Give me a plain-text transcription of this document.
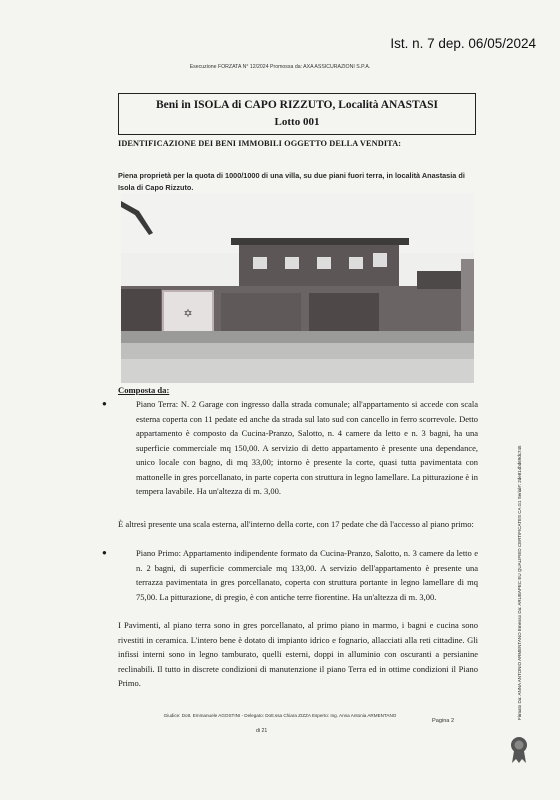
Ist. n. 7 dep. 06/05/2024
Esecuzione FORZATA N° 12/2024 Promossa da: AXA ASSICURAZIONI S.P.A.
Beni in ISOLA di CAPO RIZZUTO, Località ANASTASI
Lotto 001
IDENTIFICAZIONE DEI BENI IMMOBILI OGGETTO DELLA VENDITA:
Piena proprietà per la quota di 1000/1000 di una villa, su due piani fuori terra, in località Anastasia di Isola di Capo Rizzuto.
✡
Composta da:
●	Piano Terra: N. 2 Garage con ingresso dalla strada comunale; all'appartamento si accede con scala esterna coperta con 11 pedate ed anche da strada sul lato sud con cancello in ferro scorrevole. Detto appartamento è composto da Cucina-Pranzo, Salotto, n. 4 camere da letto e n. 3 bagni, ha una superficie commerciale mq 150,00. A servizio di detto appartamento è presente una dependance, unico locale con bagno, di mq 33,00; intorno è presente la corte, quasi tutta pavimentata con mattonelle in gres porcellanato, in parte coperta con struttura in legno lamellare. La pitturazione è in tempera lavabile. Ha un'altezza di m. 3,00.
È altresì presente una scala esterna, all'interno della corte, con 17 pedate che dà l'accesso al piano primo:
●	Piano Primo: Appartamento indipendente formato da Cucina-Pranzo, Salotto, n. 3 camere da letto e n. 2 bagni, di superficie commerciale mq 133,00. A servizio dell'appartamento è presente una terrazza pavimentata in gres porcellanato, coperta con struttura portante in legno lamellare di mq 75,00. La pitturazione, di pregio, è con antiche terre fiorentine. Ha un'altezza di m. 3,00.
I Pavimenti, al piano terra sono in gres porcellanato, al primo piano in marmo, i bagni e cucina sono rivestiti in ceramica. L'intero bene è dotato di impianto idrico e fognario, allacciati alla reti cittadine. Gli infissi interni sono in legno tamburato, quelli esterni, doppi in alluminio con oscuranti a persianine reclinabili. Il tutto in discrete condizioni di manutenzione il piano Terra ed in ottime condizioni il Piano Primo.
Giudice: Dott. Emmanuele AGOSTINI - Delegato: Dott.ssa Chiara ZIZZA Esperto: Ing. Anna Antonia ARMENTANO
Pagina 2
di 21
Firmato Da: ANNA ANTONIO ARMENTANO Emesso Da: ARUBAPEC EU QUALIFIED CERTIFICATES CA G1 Serial#: 2de814bd69dc745
